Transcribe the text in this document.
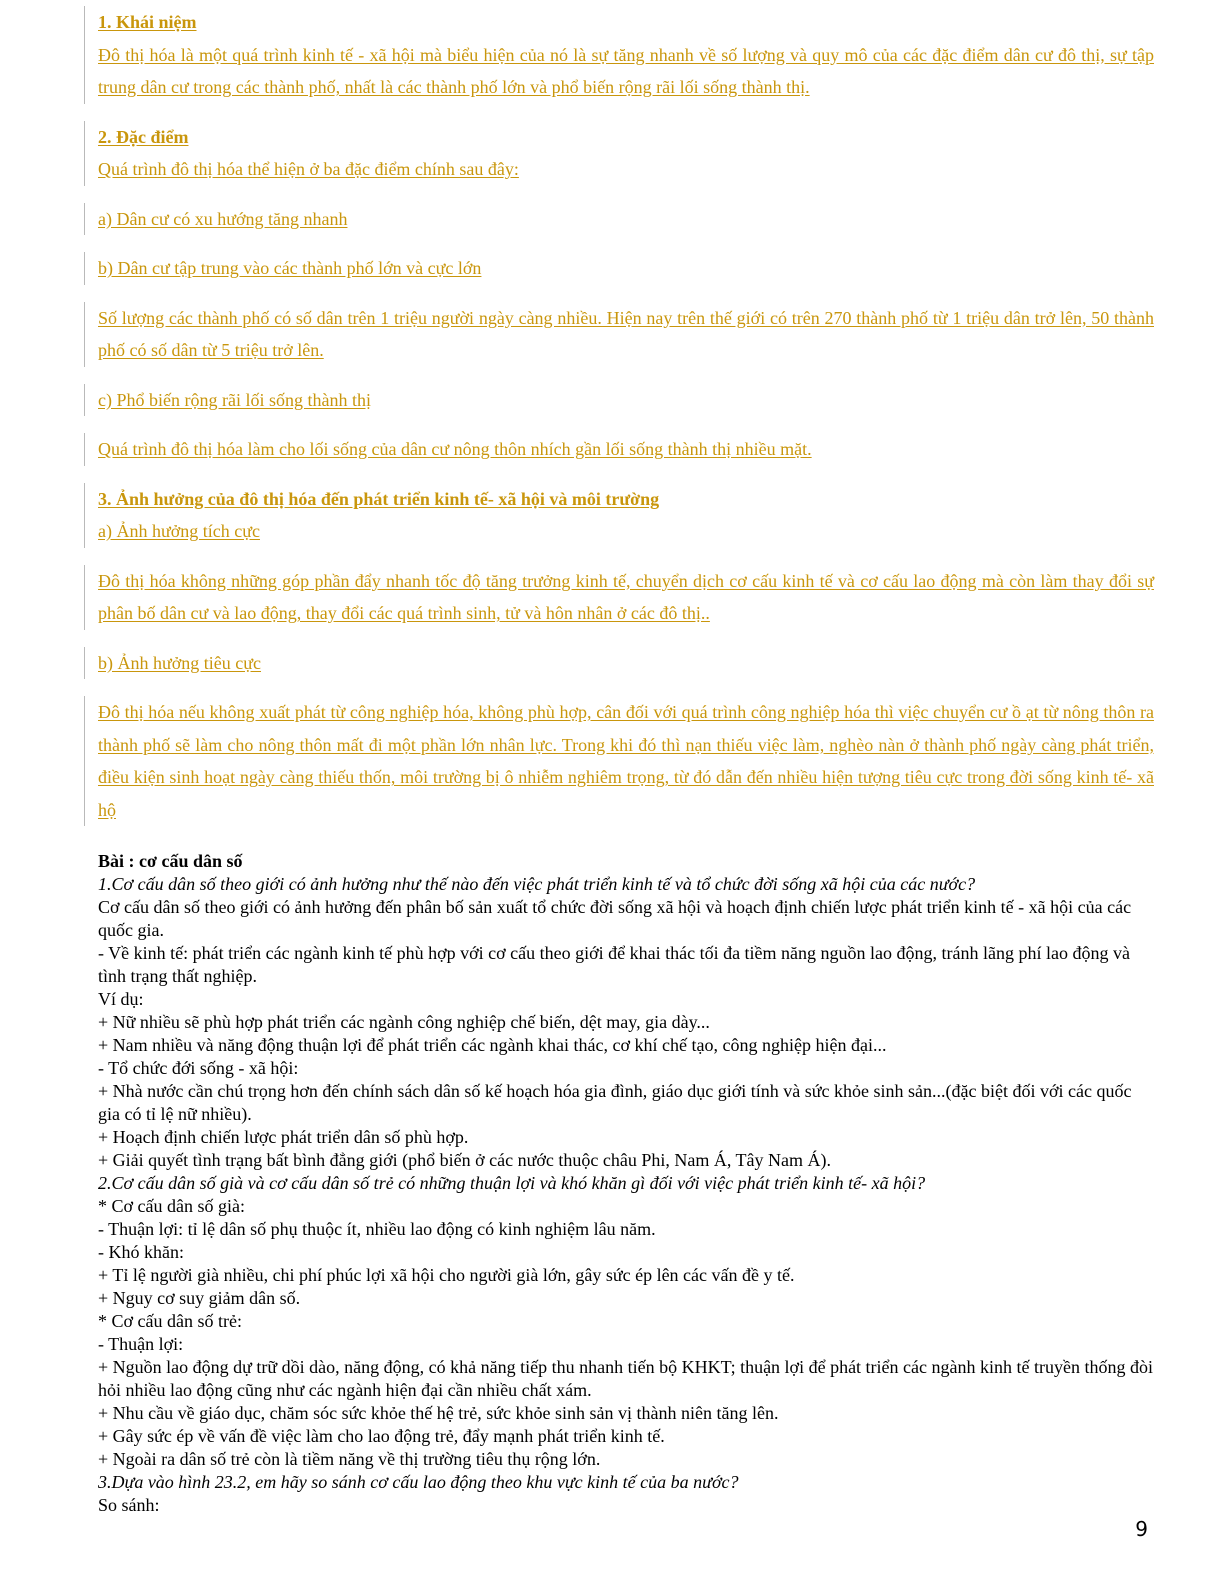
1. Khái niệm
Đô thị hóa là một quá trình kinh tế - xã hội mà biểu hiện của nó là sự tăng nhanh về số lượng và quy mô của các đặc điểm dân cư đô thị, sự tập trung dân cư trong các thành phố, nhất là các thành phố lớn và phổ biến rộng rãi lối sống thành thị.
2. Đặc điểm
Quá trình đô thị hóa thể hiện ở ba đặc điểm chính sau đây:
a) Dân cư có xu hướng tăng nhanh
b) Dân cư tập trung vào các thành phố lớn và cực lớn
Số lượng các thành phố có số dân trên 1 triệu người ngày càng nhiều. Hiện nay trên thế giới có trên 270 thành phố từ 1 triệu dân trở lên, 50 thành phố có số dân từ 5 triệu trở lên.
c) Phổ biến rộng rãi lối sống thành thị
Quá trình đô thị hóa làm cho lối sống của dân cư nông thôn nhích gần lối sống thành thị nhiều mặt.
3. Ảnh hưởng của đô thị hóa đến phát triển kinh tế- xã hội và môi trường
a) Ảnh hưởng tích cực
Đô thị hóa không những góp phần đẩy nhanh tốc độ tăng trưởng kinh tế, chuyển dịch cơ cấu kinh tế và cơ cấu lao động mà còn làm thay đổi sự phân bố dân cư và lao động, thay đổi các quá trình sinh, tử và hôn nhân ở các đô thị..
b) Ảnh hưởng tiêu cực
Đô thị hóa nếu không xuất phát từ công nghiệp hóa, không phù hợp, cân đối với quá trình công nghiệp hóa thì việc chuyển cư ồ ạt từ nông thôn ra thành phố sẽ làm cho nông thôn mất đi một phần lớn nhân lực. Trong khi đó thì nạn thiếu việc làm, nghèo nàn ở thành phố ngày càng phát triển, điều kiện sinh hoạt ngày càng thiếu thốn, môi trường bị ô nhiễm nghiêm trọng, từ đó dẫn đến nhiều hiện tượng tiêu cực trong đời sống kinh tế- xã hộ
Bài : cơ cấu dân số
1.Cơ cấu dân số theo giới có ảnh hưởng như thế nào đến việc phát triển kinh tế và tổ chức đời sống xã hội của các nước?
Cơ cấu dân số theo giới có ảnh hưởng đến phân bố sản xuất tổ chức đời sống xã hội và hoạch định chiến lược phát triển kinh tế - xã hội của các quốc gia.
- Về kinh tế: phát triển các ngành kinh tế phù hợp với cơ cấu theo giới để khai thác tối đa tiềm năng nguồn lao động, tránh lãng phí lao động và tình trạng thất nghiệp.
Ví dụ:
+ Nữ nhiều sẽ phù hợp phát triển các ngành công nghiệp chế biến, dệt may, gia dày...
+ Nam nhiều và năng động thuận lợi để phát triển các ngành khai thác, cơ khí chế tạo, công nghiệp hiện đại...
- Tổ chức đới sống - xã hội:
+ Nhà nước cần chú trọng hơn đến chính sách dân số kế hoạch hóa gia đình, giáo dục giới tính và sức khỏe sinh sản...(đặc biệt đối với các quốc gia có tỉ lệ nữ nhiều).
+ Hoạch định chiến lược phát triển dân số phù hợp.
+ Giải quyết tình trạng bất bình đẳng giới (phổ biến ở các nước thuộc châu Phi, Nam Á, Tây Nam Á).
2.Cơ cấu dân số già và cơ cấu dân số trẻ có những thuận lợi và khó khăn gì đối với việc phát triển kinh tế- xã hội?
* Cơ cấu dân số già:
- Thuận lợi: tỉ lệ dân số phụ thuộc ít, nhiều lao động có kinh nghiệm lâu năm.
- Khó khăn:
+ Tỉ lệ người già nhiều, chi phí phúc lợi xã hội cho người già lớn, gây sức ép lên các vấn đề y tế.
+ Nguy cơ suy giảm dân số.
* Cơ cấu dân số trẻ:
- Thuận lợi:
+ Nguồn lao động dự trữ dồi dào, năng động, có khả năng tiếp thu nhanh tiến bộ KHKT; thuận lợi để phát triển các ngành kinh tế truyền thống đòi hỏi nhiều lao động cũng như các ngành hiện đại cần nhiều chất xám.
+ Nhu cầu về giáo dục, chăm sóc sức khỏe thế hệ trẻ, sức khỏe sinh sản vị thành niên tăng lên.
+ Gây sức ép về vấn đề việc làm cho lao động trẻ, đẩy mạnh phát triển kinh tế.
+ Ngoài ra dân số trẻ còn là tiềm năng về thị trường tiêu thụ rộng lớn.
3.Dựa vào hình 23.2, em hãy so sánh cơ cấu lao động theo khu vực kinh tế của ba nước?
So sánh:
9
